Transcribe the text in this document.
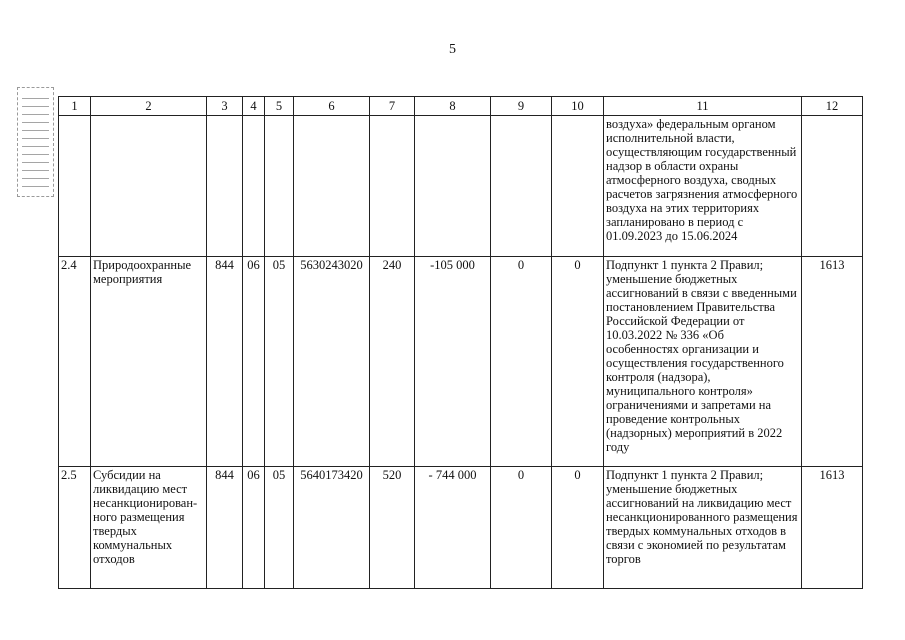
5
1	2	3	4	5	6	7	8	9	10	11	12
										воздуха» федеральным органом исполнительной власти, осуществляющим государственный надзор в области охраны атмосферного воздуха, сводных расчетов загрязнения атмосферного воздуха на этих территориях запланировано в период с 01.09.2023 до 15.06.2024	
2.4	Природоохранные мероприятия	844	06	05	5630243020	240	-105 000	0	0	Подпункт 1 пункта 2 Правил; уменьшение бюджетных ассигнований в связи с введенными постановлением Правительства Российской Федерации от 10.03.2022 № 336 «Об особенностях организации и осуществления государственного контроля (надзора), муниципального контроля» ограничениями и запретами на проведение контрольных (надзорных) мероприятий в 2022 году	1613
2.5	Субсидии на ликвидацию мест несанкционирован-ного размещения твердых коммунальных отходов	844	06	05	5640173420	520	- 744 000	0	0	Подпункт 1 пункта 2 Правил; уменьшение бюджетных ассигнований на ликвидацию мест несанкционированного размещения твердых коммунальных отходов в связи с экономией по результатам торгов	1613
